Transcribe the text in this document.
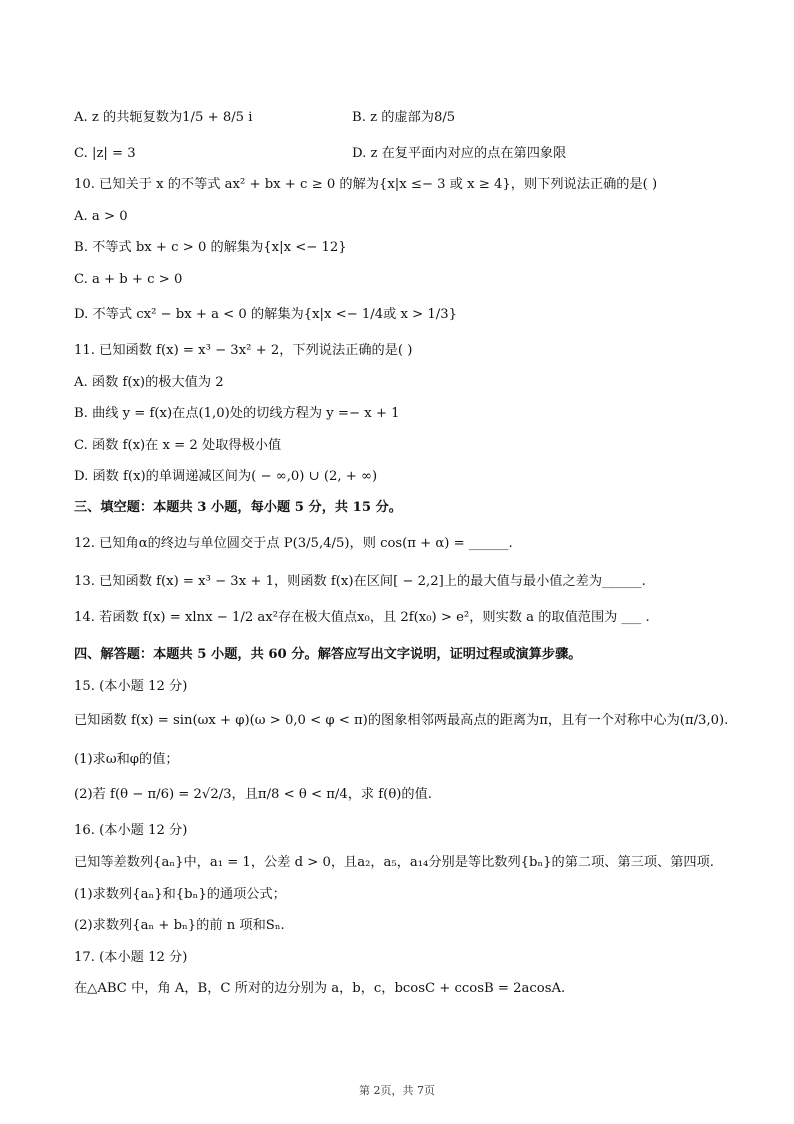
A. z 的共轭复数为1/5 + 8/5 i	B. z 的虚部为8/5
C. |z| = 3	D. z 在复平面内对应的点在第四象限
10. 已知关于 x 的不等式 ax² + bx + c ≥ 0 的解为{x|x ≤− 3 或 x ≥ 4}，则下列说法正确的是( )
A. a > 0
B. 不等式 bx + c > 0 的解集为{x|x <− 12}
C. a + b + c > 0
D. 不等式 cx² − bx + a < 0 的解集为{x|x <− 1/4或 x > 1/3}
11. 已知函数 f(x) = x³ − 3x² + 2，下列说法正确的是( )
A. 函数 f(x)的极大值为 2
B. 曲线 y = f(x)在点(1,0)处的切线方程为 y =− x + 1
C. 函数 f(x)在 x = 2 处取得极小值
D. 函数 f(x)的单调递减区间为( − ∞,0) ∪ (2, + ∞)
三、填空题：本题共 3 小题，每小题 5 分，共 15 分。
12. 已知角α的终边与单位圆交于点 P(3/5,4/5)，则 cos(π + α) = ______.
13. 已知函数 f(x) = x³ − 3x + 1，则函数 f(x)在区间[ − 2,2]上的最大值与最小值之差为______.
14. 若函数 f(x) = xlnx − 1/2 ax²存在极大值点x₀，且 2f(x₀) > e²，则实数 a 的取值范围为 ___ .
四、解答题：本题共 5 小题，共 60 分。解答应写出文字说明，证明过程或演算步骤。
15. (本小题 12 分)
已知函数 f(x) = sin(ωx + φ)(ω > 0,0 < φ < π)的图象相邻两最高点的距离为π，且有一个对称中心为(π/3,0).
(1)求ω和φ的值；
(2)若 f(θ − π/6) = 2√2/3，且π/8 < θ < π/4，求 f(θ)的值.
16. (本小题 12 分)
已知等差数列{aₙ}中，a₁ = 1，公差 d > 0，且a₂，a₅，a₁₄分别是等比数列{bₙ}的第二项、第三项、第四项.
(1)求数列{aₙ}和{bₙ}的通项公式；
(2)求数列{aₙ + bₙ}的前 n 项和Sₙ.
17. (本小题 12 分)
在△ABC 中，角 A，B，C 所对的边分别为 a，b，c，bcosC + ccosB = 2acosA.
第 2页，共 7页
